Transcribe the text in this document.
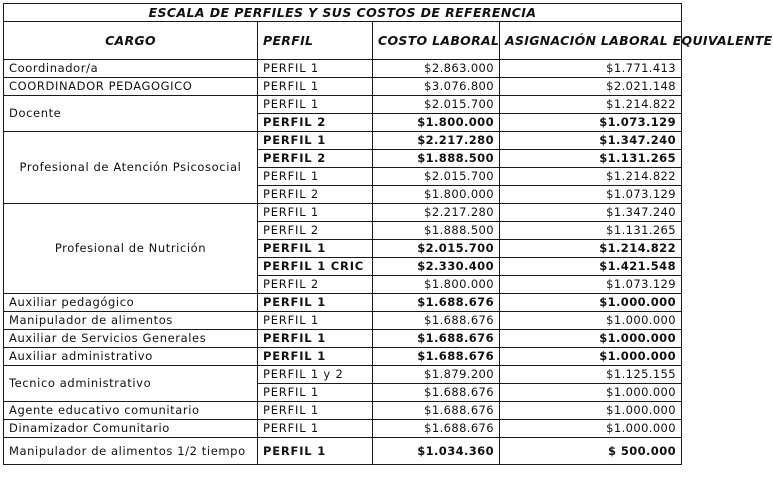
ESCALA DE PERFILES Y SUS COSTOS DE REFERENCIA			
CARGO	PERFIL	COSTO LABORAL	ASIGNACIÓN LABORAL EQUIVALENTE
Coordinador/a	PERFIL 1	$2.863.000	$1.771.413
COORDINADOR PEDAGOGICO	PERFIL 1	$3.076.800	$2.021.148
Docente	PERFIL 1	$2.015.700	$1.214.822
	PERFIL 2	$1.800.000	$1.073.129
Profesional de Atención Psicosocial	PERFIL 1	$2.217.280	$1.347.240
	PERFIL 2	$1.888.500	$1.131.265
	PERFIL 1	$2.015.700	$1.214.822
	PERFIL 2	$1.800.000	$1.073.129
Profesional de Nutrición	PERFIL 1	$2.217.280	$1.347.240
	PERFIL 2	$1.888.500	$1.131.265
	PERFIL 1	$2.015.700	$1.214.822
	PERFIL 1 CRIC	$2.330.400	$1.421.548
	PERFIL 2	$1.800.000	$1.073.129
Auxiliar pedagógico	PERFIL 1	$1.688.676	$1.000.000
Manipulador de alimentos	PERFIL 1	$1.688.676	$1.000.000
Auxiliar de Servicios Generales	PERFIL 1	$1.688.676	$1.000.000
Auxiliar administrativo	PERFIL 1	$1.688.676	$1.000.000
Tecnico administrativo	PERFIL 1 y 2	$1.879.200	$1.125.155
	PERFIL 1	$1.688.676	$1.000.000
Agente educativo comunitario	PERFIL 1	$1.688.676	$1.000.000
Dinamizador Comunitario	PERFIL 1	$1.688.676	$1.000.000
Manipulador de alimentos 1/2 tiempo	PERFIL 1	$1.034.360	$ 500.000
